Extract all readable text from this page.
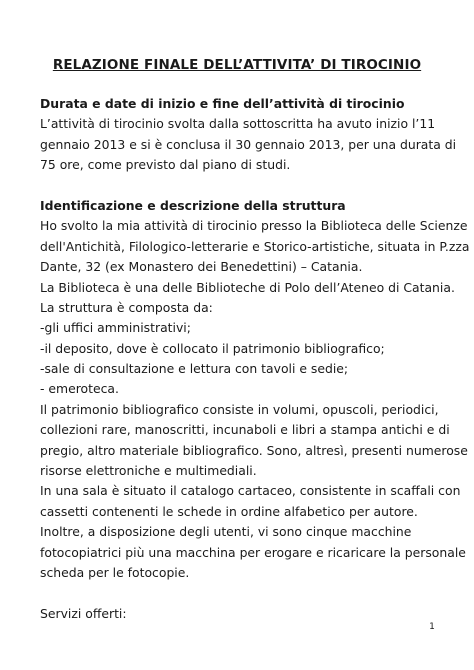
RELAZIONE FINALE DELL’ATTIVITA’ DI TIROCINIO
Durata e date di inizio e fine dell’attività di tirocinio
L’attività di tirocinio svolta dalla sottoscritta ha avuto inizio l’11
gennaio 2013 e si è conclusa il 30 gennaio 2013, per una durata di
75 ore, come previsto dal piano di studi.
Identificazione e descrizione della struttura
Ho svolto la mia attività di tirocinio presso la Biblioteca delle Scienze
dell'Antichità, Filologico-letterarie e Storico-artistiche, situata in P.zza
Dante, 32 (ex Monastero dei Benedettini) – Catania.
La Biblioteca è una delle Biblioteche di Polo dell’Ateneo di Catania.
La struttura è composta da:
-gli uffici amministrativi;
-il deposito, dove è collocato il patrimonio bibliografico;
-sale di consultazione e lettura con tavoli e sedie;
- emeroteca.
Il patrimonio bibliografico consiste in volumi, opuscoli, periodici,
collezioni rare, manoscritti, incunaboli e libri a stampa antichi e di
pregio, altro materiale bibliografico. Sono, altresì, presenti numerose
risorse elettroniche e multimediali.
In una sala è situato il catalogo cartaceo, consistente in scaffali con
cassetti contenenti le schede in ordine alfabetico per autore.
Inoltre, a disposizione degli utenti, vi sono cinque macchine
fotocopiatrici più una macchina per erogare e ricaricare la personale
scheda per le fotocopie.
Servizi offerti:
1
